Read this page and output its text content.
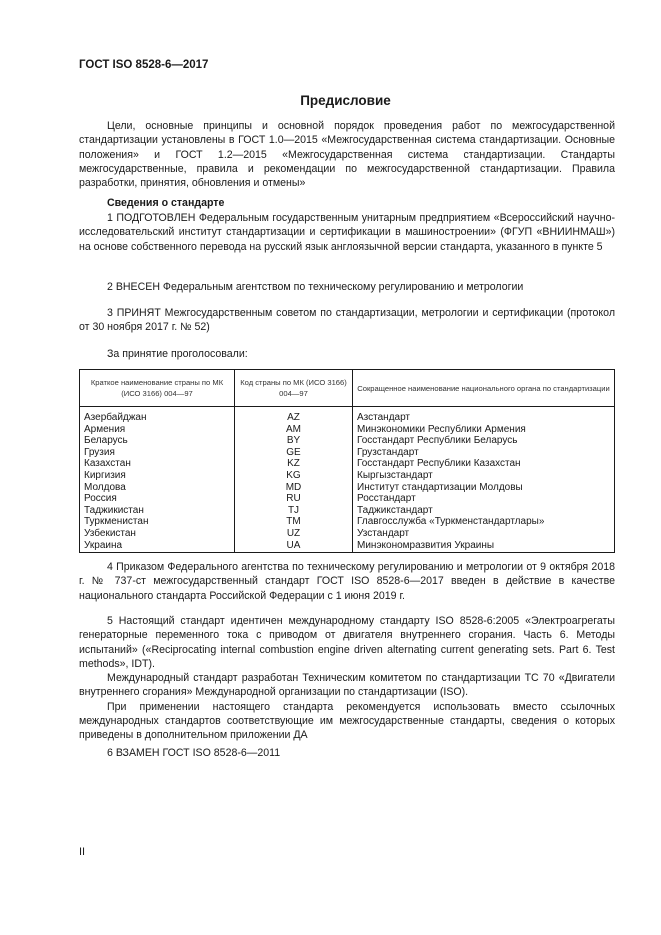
ГОСТ ISO 8528-6—2017
Предисловие

Цели, основные принципы и основной порядок проведения работ по межгосударственной стандартизации установлены в ГОСТ 1.0—2015 «Межгосударственная система стандартизации. Основные положения» и ГОСТ 1.2—2015 «Межгосударственная система стандартизации. Стандарты межгосударственные, правила и рекомендации по межгосударственной стандартизации. Правила разработки, принятия, обновления и отмены»

Сведения о стандарте

1 ПОДГОТОВЛЕН Федеральным государственным унитарным предприятием «Всероссийский научно-исследовательский институт стандартизации и сертификации в машиностроении» (ФГУП «ВНИИНМАШ») на основе собственного перевода на русский язык англоязычной версии стандарта, указанного в пункте 5

2 ВНЕСЕН Федеральным агентством по техническому регулированию и метрологии

3 ПРИНЯТ Межгосударственным советом по стандартизации, метрологии и сертификации (протокол от 30 ноября 2017 г. № 52)

За принятие проголосовали:

Краткое наименование страны по МК (ИСО 3166) 004—97	Код страны по МК (ИСО 3166) 004—97	Сокращенное наименование национального органа по стандартизации
Азербайджан	AZ	Азстандарт
Армения	AM	Минэкономики Республики Армения
Беларусь	BY	Госстандарт Республики Беларусь
Грузия	GE	Грузстандарт
Казахстан	KZ	Госстандарт Республики Казахстан
Киргизия	KG	Кыргызстандарт
Молдова	MD	Институт стандартизации Молдовы
Россия	RU	Росстандарт
Таджикистан	TJ	Таджикстандарт
Туркменистан	TM	Главгосслужба «Туркменстандартлары»
Узбекистан	UZ	Узстандарт
Украина	UA	Минэкономразвития Украины

4 Приказом Федерального агентства по техническому регулированию и метрологии от 9 октября 2018 г. № 737-ст межгосударственный стандарт ГОСТ ISO 8528-6—2017 введен в действие в качестве национального стандарта Российской Федерации с 1 июня 2019 г.

5 Настоящий стандарт идентичен международному стандарту ISO 8528-6:2005 «Электроагрегаты генераторные переменного тока с приводом от двигателя внутреннего сгорания. Часть 6. Методы испытаний» («Reciprocating internal combustion engine driven alternating current generating sets. Part 6. Test methods», IDT).

Международный стандарт разработан Техническим комитетом по стандартизации ТС 70 «Двигатели внутреннего сгорания» Международной организации по стандартизации (ISO).

При применении настоящего стандарта рекомендуется использовать вместо ссылочных международных стандартов соответствующие им межгосударственные стандарты, сведения о которых приведены в дополнительном приложении ДА

6 ВЗАМЕН ГОСТ ISO 8528-6—2011

II
